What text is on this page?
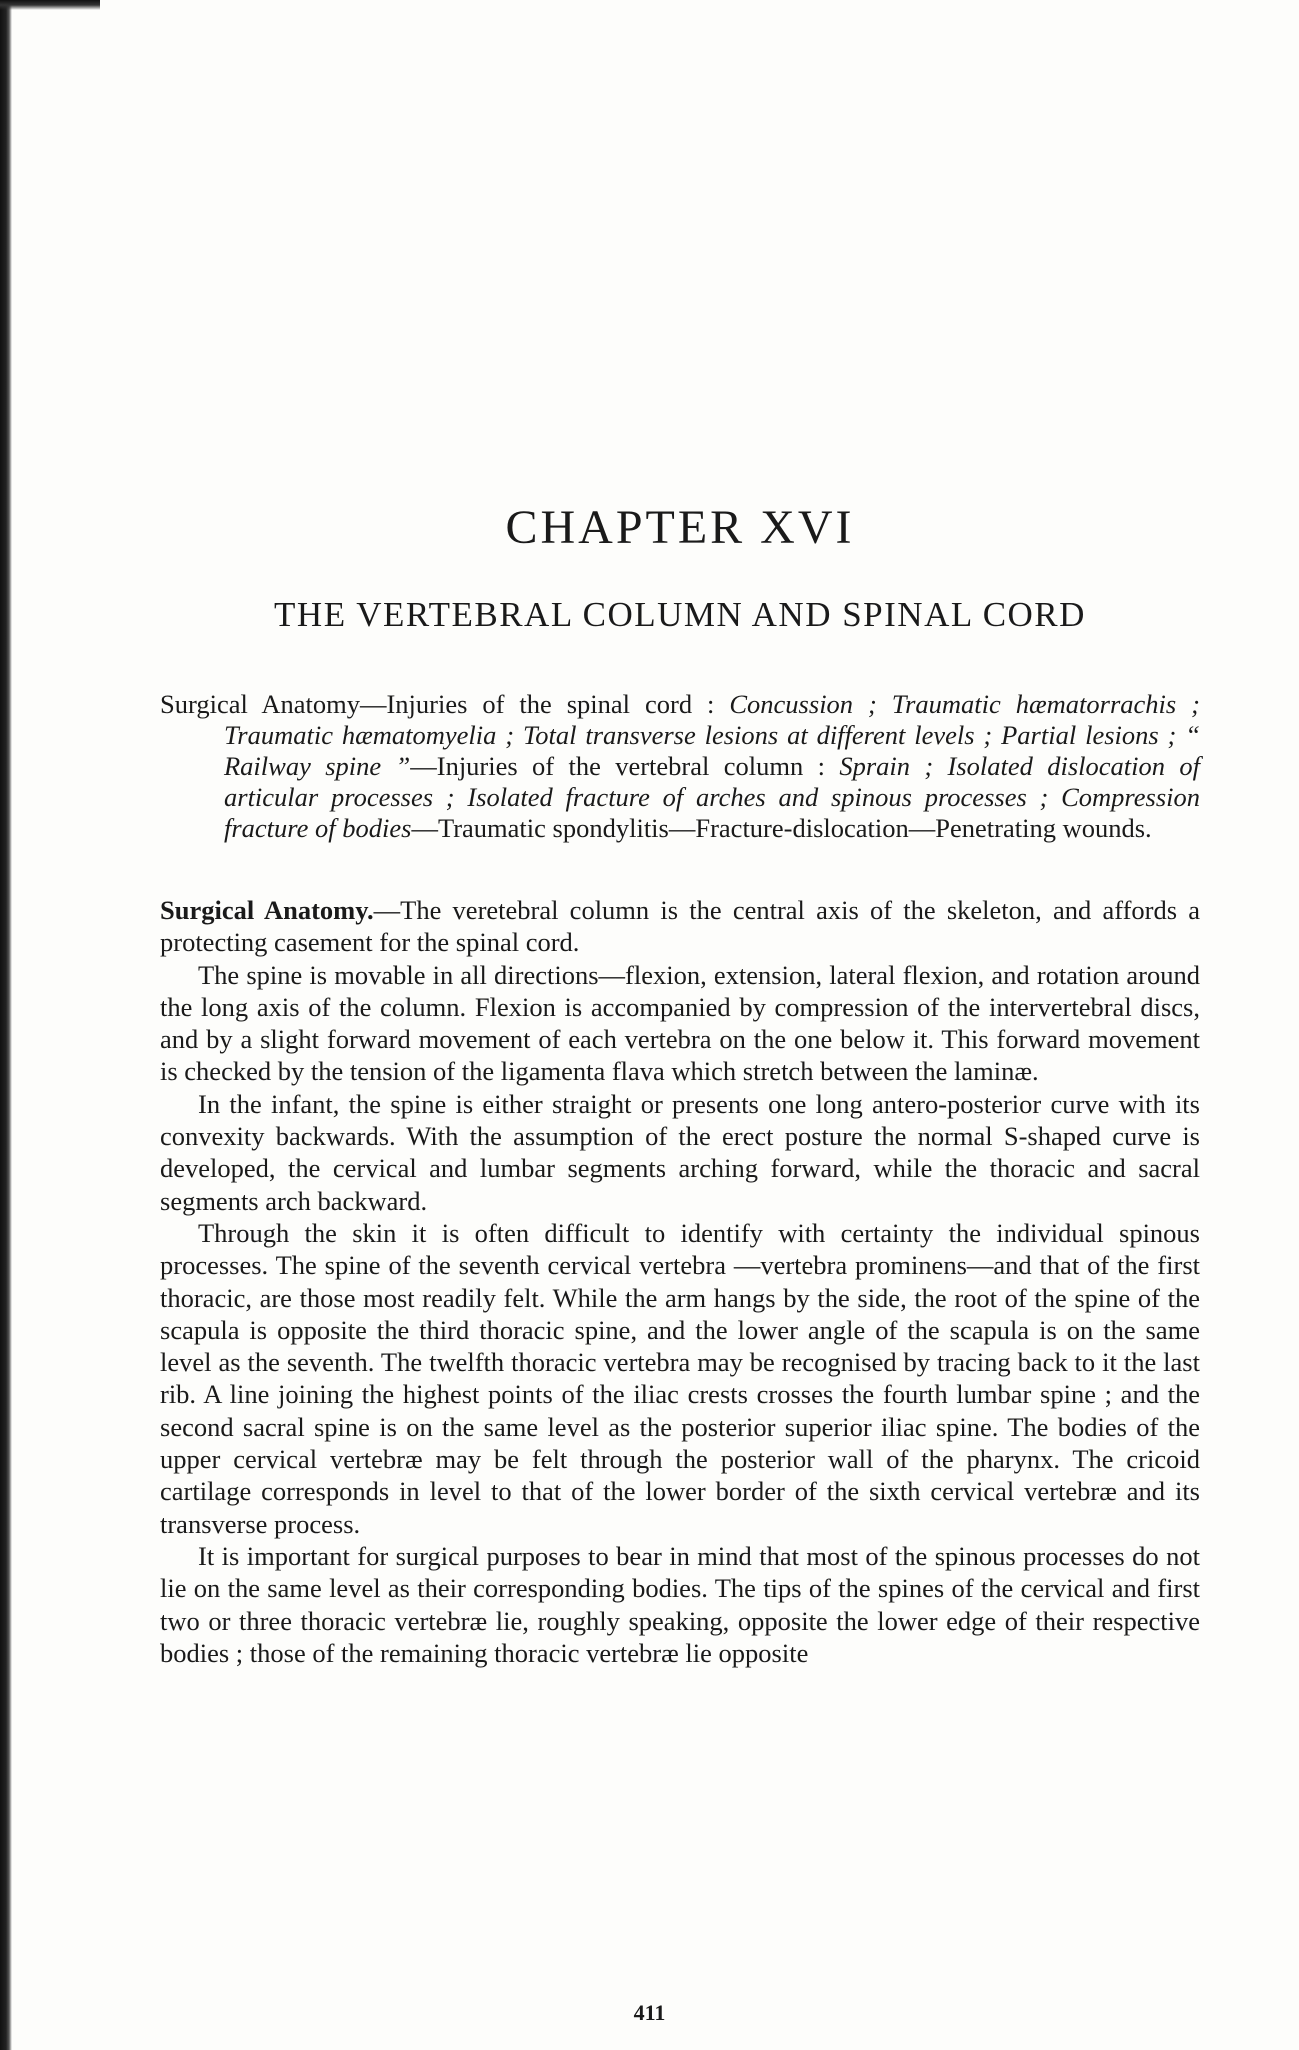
CHAPTER XVI
THE VERTEBRAL COLUMN AND SPINAL CORD

Surgical Anatomy—Injuries of the spinal cord : Concussion ; Traumatic hæmatorrachis ; Traumatic hæmatomyelia ; Total transverse lesions at different levels ; Partial lesions ; “ Railway spine ”—Injuries of the vertebral column : Sprain ; Isolated dislocation of articular processes ; Isolated fracture of arches and spinous processes ; Compression fracture of bodies—Traumatic spondylitis—Fracture-dislocation—Penetrating wounds.

Surgical Anatomy.—The veretebral column is the central axis of the skeleton, and affords a protecting casement for the spinal cord.

The spine is movable in all directions—flexion, extension, lateral flexion, and rotation around the long axis of the column. Flexion is accompanied by compression of the intervertebral discs, and by a slight forward movement of each vertebra on the one below it. This forward movement is checked by the tension of the ligamenta flava which stretch between the laminæ.

In the infant, the spine is either straight or presents one long antero-posterior curve with its convexity backwards. With the assumption of the erect posture the normal S-shaped curve is developed, the cervical and lumbar segments arching forward, while the thoracic and sacral segments arch backward.

Through the skin it is often difficult to identify with certainty the individual spinous processes. The spine of the seventh cervical vertebra —vertebra prominens—and that of the first thoracic, are those most readily felt. While the arm hangs by the side, the root of the spine of the scapula is opposite the third thoracic spine, and the lower angle of the scapula is on the same level as the seventh. The twelfth thoracic vertebra may be recognised by tracing back to it the last rib. A line joining the highest points of the iliac crests crosses the fourth lumbar spine ; and the second sacral spine is on the same level as the posterior superior iliac spine. The bodies of the upper cervical vertebræ may be felt through the posterior wall of the pharynx. The cricoid cartilage corresponds in level to that of the lower border of the sixth cervical vertebræ and its transverse process.

It is important for surgical purposes to bear in mind that most of the spinous processes do not lie on the same level as their corresponding bodies. The tips of the spines of the cervical and first two or three thoracic vertebræ lie, roughly speaking, opposite the lower edge of their respective bodies ; those of the remaining thoracic vertebræ lie opposite

411
